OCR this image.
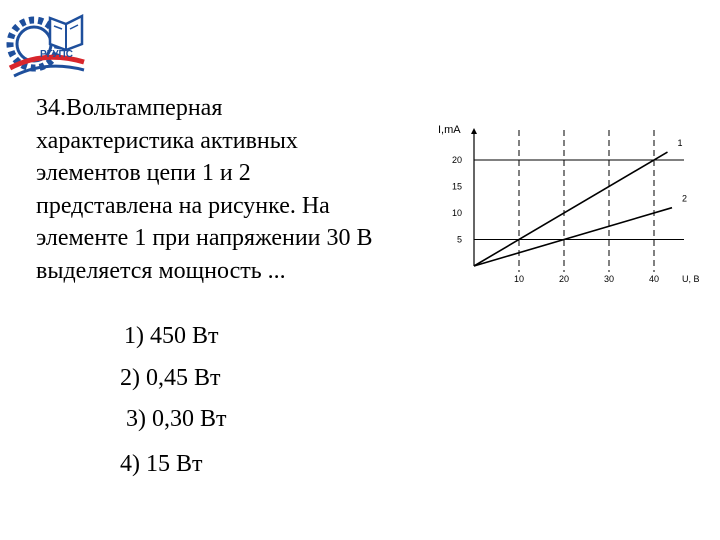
РГУПС

34.Вольтамперная
характеристика активных
элементов цепи 1 и 2
представлена на рисунке. На
элементе 1 при напряжении 30 В
выделяется мощность ...

1) 450 Вт
2) 0,45 Вт
3) 0,30 Вт
4) 15 Вт
1
2
5
10
15
20
10	20	30	40
I,mA
U, В
